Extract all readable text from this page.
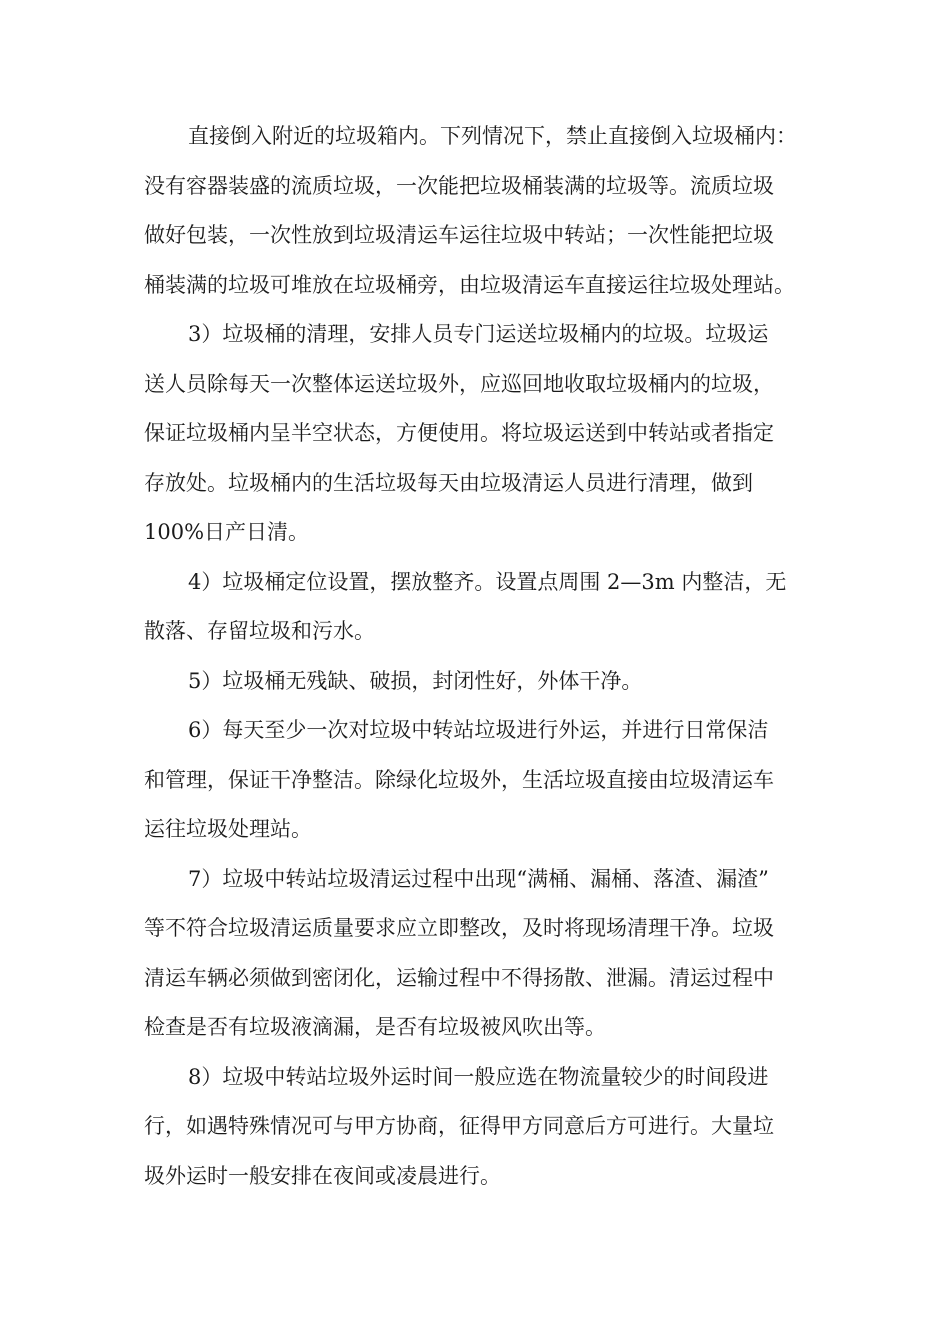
直接倒入附近的垃圾箱内。下列情况下，禁止直接倒入垃圾桶内：
没有容器装盛的流质垃圾，一次能把垃圾桶装满的垃圾等。流质垃圾
做好包装，一次性放到垃圾清运车运往垃圾中转站；一次性能把垃圾
桶装满的垃圾可堆放在垃圾桶旁，由垃圾清运车直接运往垃圾处理站。
3）垃圾桶的清理，安排人员专门运送垃圾桶内的垃圾。垃圾运
送人员除每天一次整体运送垃圾外，应巡回地收取垃圾桶内的垃圾，
保证垃圾桶内呈半空状态，方便使用。将垃圾运送到中转站或者指定
存放处。垃圾桶内的生活垃圾每天由垃圾清运人员进行清理，做到
100%日产日清。
4）垃圾桶定位设置，摆放整齐。设置点周围 2—3m 内整洁，无
散落、存留垃圾和污水。
5）垃圾桶无残缺、破损，封闭性好，外体干净。
6）每天至少一次对垃圾中转站垃圾进行外运，并进行日常保洁
和管理，保证干净整洁。除绿化垃圾外，生活垃圾直接由垃圾清运车
运往垃圾处理站。
7）垃圾中转站垃圾清运过程中出现“满桶、漏桶、落渣、漏渣”
等不符合垃圾清运质量要求应立即整改，及时将现场清理干净。垃圾
清运车辆必须做到密闭化，运输过程中不得扬散、泄漏。清运过程中
检查是否有垃圾液滴漏，是否有垃圾被风吹出等。
8）垃圾中转站垃圾外运时间一般应选在物流量较少的时间段进
行，如遇特殊情况可与甲方协商，征得甲方同意后方可进行。大量垃
圾外运时一般安排在夜间或凌晨进行。
